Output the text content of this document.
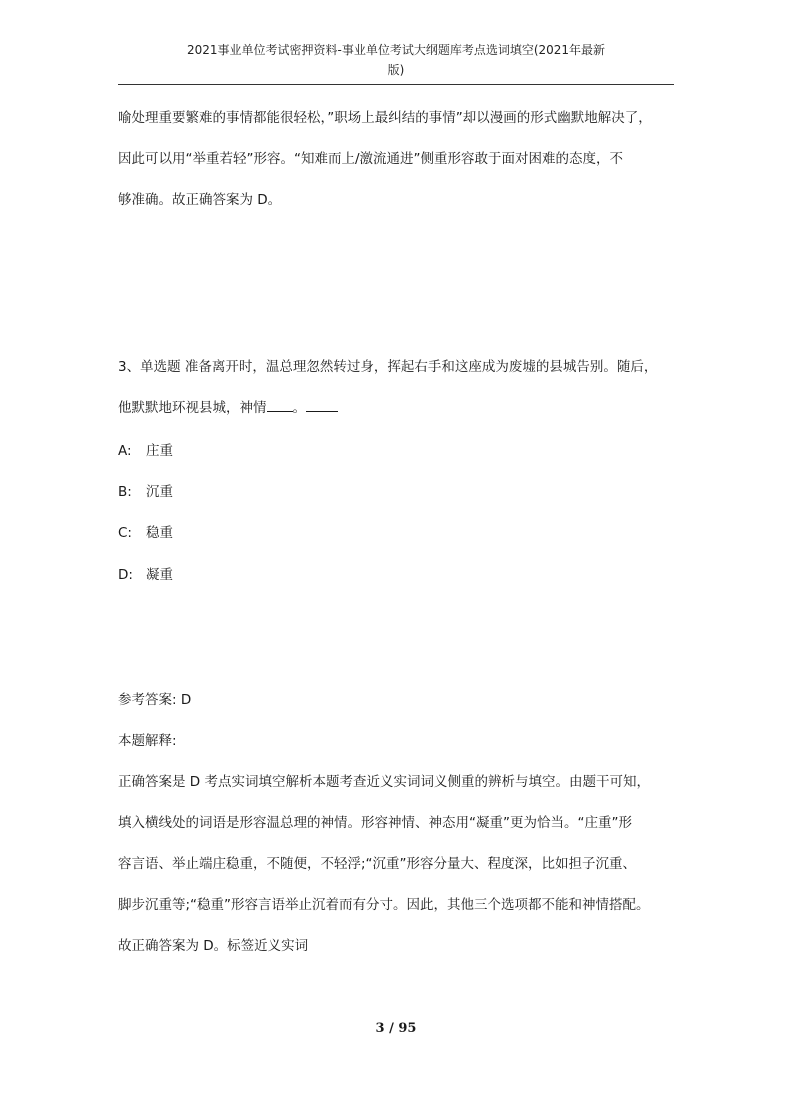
2021事业单位考试密押资料-事业单位考试大纲题库考点选词填空(2021年最新
版)
喻处理重要繁难的事情都能很轻松，”职场上最纠结的事情”却以漫画的形式幽默地解决了，
因此可以用“举重若轻”形容。“知难而上/激流通进”侧重形容敢于面对困难的态度，不
够准确。故正确答案为 D。
3、单选题 准备离开时，温总理忽然转过身，挥起右手和这座成为废墟的县城告别。随后，
他默默地环视县城，神情 。
A: 庄重
B: 沉重
C: 稳重
D: 凝重
参考答案: D
本题解释:
正确答案是 D 考点实词填空解析本题考查近义实词词义侧重的辨析与填空。由题干可知，
填入横线处的词语是形容温总理的神情。形容神情、神态用“凝重”更为恰当。“庄重”形
容言语、举止端庄稳重，不随便，不轻浮;“沉重”形容分量大、程度深，比如担子沉重、
脚步沉重等;“稳重”形容言语举止沉着而有分寸。因此，其他三个选项都不能和神情搭配。
故正确答案为 D。标签近义实词
3 / 95
